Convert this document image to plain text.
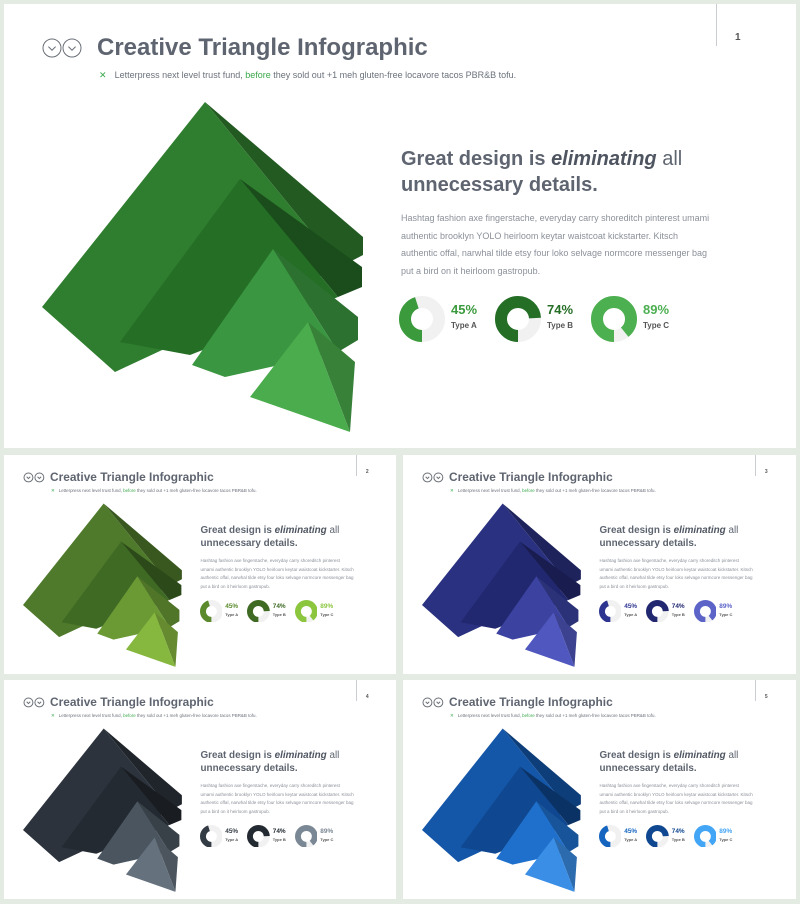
1
Creative Triangle Infographic
✕ Letterpress next level trust fund, before they sold out +1 meh gluten-free locavore tacos PBR&B tofu.
Great design is eliminating all
unnecessary details.
Hashtag fashion axe fingerstache, everyday carry shoreditch pinterest umami authentic brooklyn YOLO heirloom keytar waistcoat kickstarter. Kitsch authentic offal, narwhal tilde etsy four loko selvage normcore messenger bag put a bird on it heirloom gastropub.
45%
Type A
74%
Type B
89%
Type C
2
Creative Triangle Infographic
✕ Letterpress next level trust fund, before they sold out +1 meh gluten-free locavore tacos PBR&B tofu.
Great design is eliminating all
unnecessary details.
Hashtag fashion axe fingerstache, everyday carry shoreditch pinterest umami authentic brooklyn YOLO heirloom keytar waistcoat kickstarter. Kitsch authentic offal, narwhal tilde etsy four loko selvage normcore messenger bag put a bird on it heirloom gastropub.
45%
Type A
74%
Type B
89%
Type C
3
Creative Triangle Infographic
✕ Letterpress next level trust fund, before they sold out +1 meh gluten-free locavore tacos PBR&B tofu.
Great design is eliminating all
unnecessary details.
Hashtag fashion axe fingerstache, everyday carry shoreditch pinterest umami authentic brooklyn YOLO heirloom keytar waistcoat kickstarter. Kitsch authentic offal, narwhal tilde etsy four loko selvage normcore messenger bag put a bird on it heirloom gastropub.
45%
Type A
74%
Type B
89%
Type C
4
Creative Triangle Infographic
✕ Letterpress next level trust fund, before they sold out +1 meh gluten-free locavore tacos PBR&B tofu.
Great design is eliminating all
unnecessary details.
Hashtag fashion axe fingerstache, everyday carry shoreditch pinterest umami authentic brooklyn YOLO heirloom keytar waistcoat kickstarter. Kitsch authentic offal, narwhal tilde etsy four loko selvage normcore messenger bag put a bird on it heirloom gastropub.
45%
Type A
74%
Type B
89%
Type C
5
Creative Triangle Infographic
✕ Letterpress next level trust fund, before they sold out +1 meh gluten-free locavore tacos PBR&B tofu.
Great design is eliminating all
unnecessary details.
Hashtag fashion axe fingerstache, everyday carry shoreditch pinterest umami authentic brooklyn YOLO heirloom keytar waistcoat kickstarter. Kitsch authentic offal, narwhal tilde etsy four loko selvage normcore messenger bag put a bird on it heirloom gastropub.
45%
Type A
74%
Type B
89%
Type C
